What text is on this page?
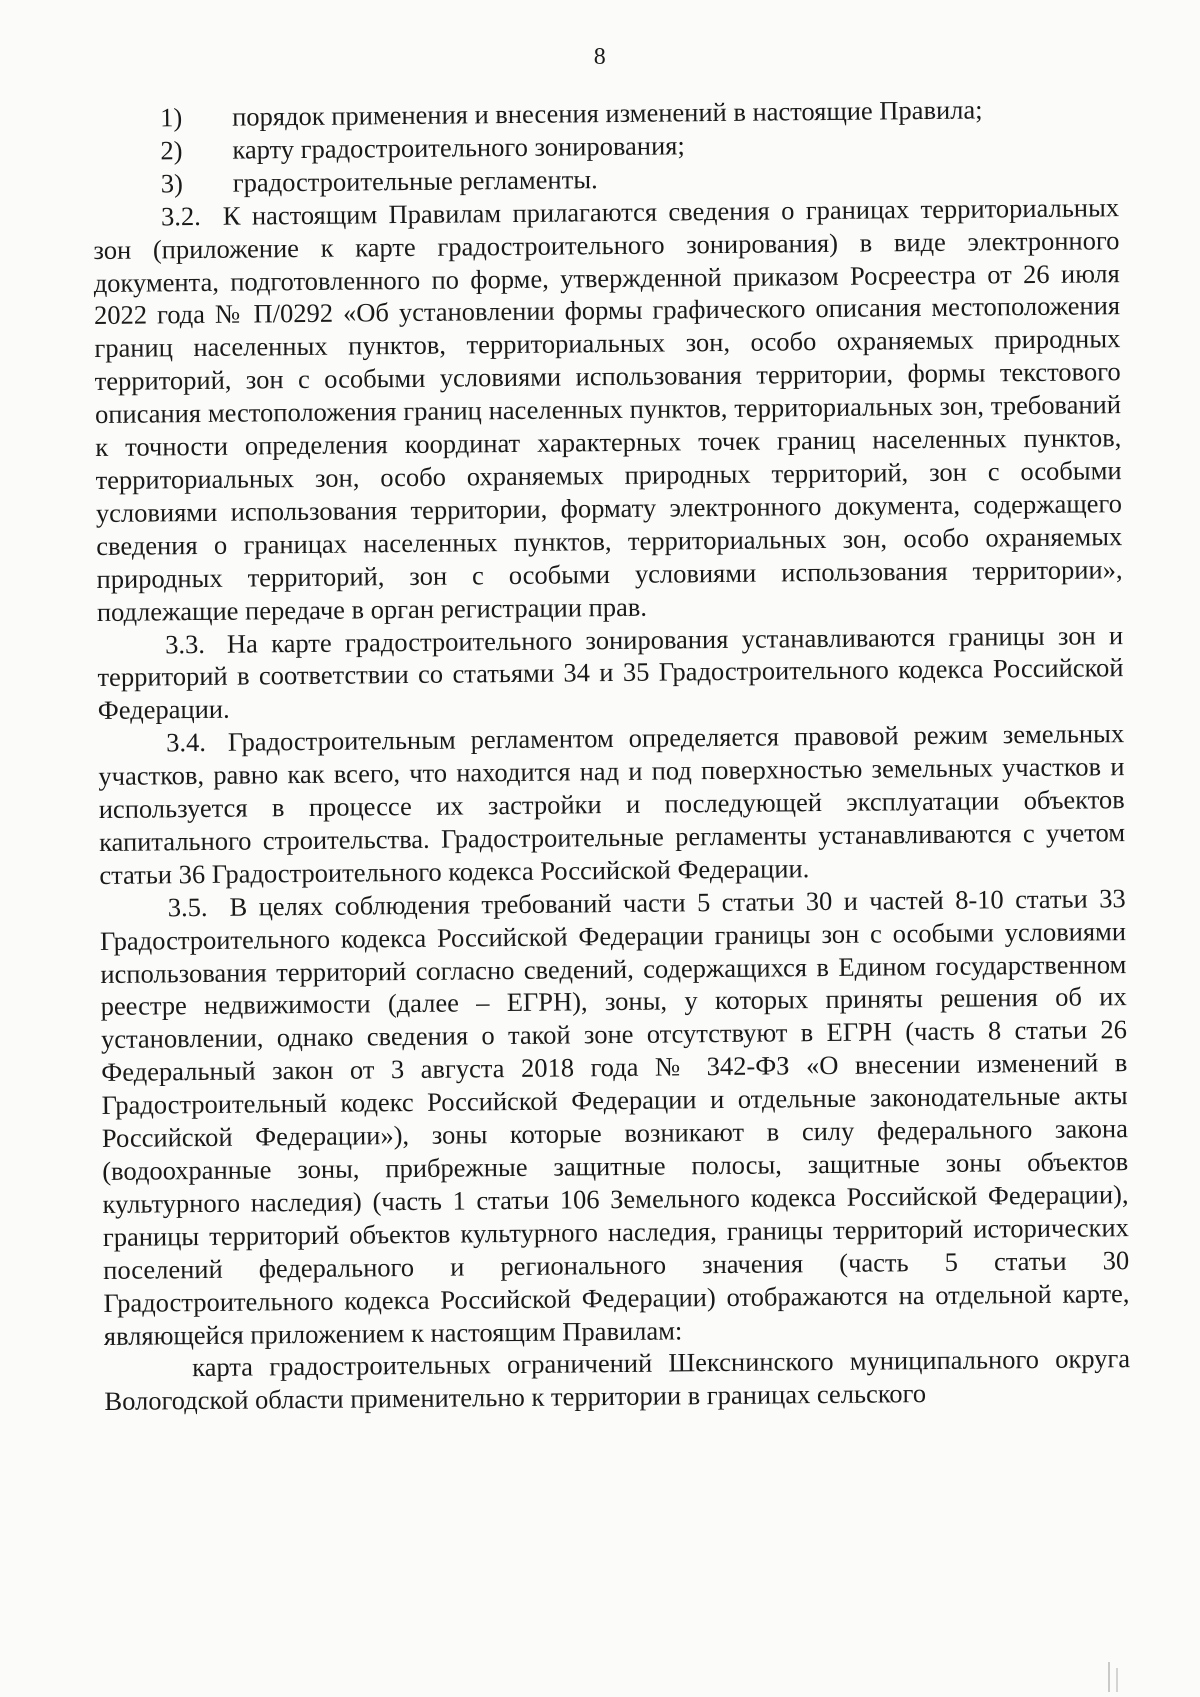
8
1)	порядок применения и внесения изменений в настоящие Правила;
2)	карту градостроительного зонирования;
3)	градостроительные регламенты.

3.2. К настоящим Правилам прилагаются сведения о границах территориальных зон (приложение к карте градостроительного зонирования) в виде электронного документа, подготовленного по форме, утвержденной приказом Росреестра от 26 июля 2022 года № П/0292 «Об установлении формы графического описания местоположения границ населенных пунктов, территориальных зон, особо охраняемых природных территорий, зон с особыми условиями использования территории, формы текстового описания местоположения границ населенных пунктов, территориальных зон, требований к точности определения координат характерных точек границ населенных пунктов, территориальных зон, особо охраняемых природных территорий, зон с особыми условиями использования территории, формату электронного документа, содержащего сведения о границах населенных пунктов, территориальных зон, особо охраняемых природных территорий, зон с особыми условиями использования территории», подлежащие передаче в орган регистрации прав.

3.3. На карте градостроительного зонирования устанавливаются границы зон и территорий в соответствии со статьями 34 и 35 Градостроительного кодекса Российской Федерации.

3.4. Градостроительным регламентом определяется правовой режим земельных участков, равно как всего, что находится над и под поверхностью земельных участков и используется в процессе их застройки и последующей эксплуатации объектов капитального строительства. Градостроительные регламенты устанавливаются с учетом статьи 36 Градостроительного кодекса Российской Федерации.

3.5. В целях соблюдения требований части 5 статьи 30 и частей 8-10 статьи 33 Градостроительного кодекса Российской Федерации границы зон с особыми условиями использования территорий согласно сведений, содержащихся в Едином государственном реестре недвижимости (далее – ЕГРН), зоны, у которых приняты решения об их установлении, однако сведения о такой зоне отсутствуют в ЕГРН (часть 8 статьи 26 Федеральный закон от 3 августа 2018 года № 342-ФЗ «О внесении изменений в Градостроительный кодекс Российской Федерации и отдельные законодательные акты Российской Федерации»), зоны которые возникают в силу федерального закона (водоохранные зоны, прибрежные защитные полосы, защитные зоны объектов культурного наследия) (часть 1 статьи 106 Земельного кодекса Российской Федерации), границы территорий объектов культурного наследия, границы территорий исторических поселений федерального и регионального значения (часть 5 статьи 30 Градостроительного кодекса Российской Федерации) отображаются на отдельной карте, являющейся приложением к настоящим Правилам:

карта градостроительных ограничений Шекснинского муниципального округа Вологодской области применительно к территории в границах сельского
